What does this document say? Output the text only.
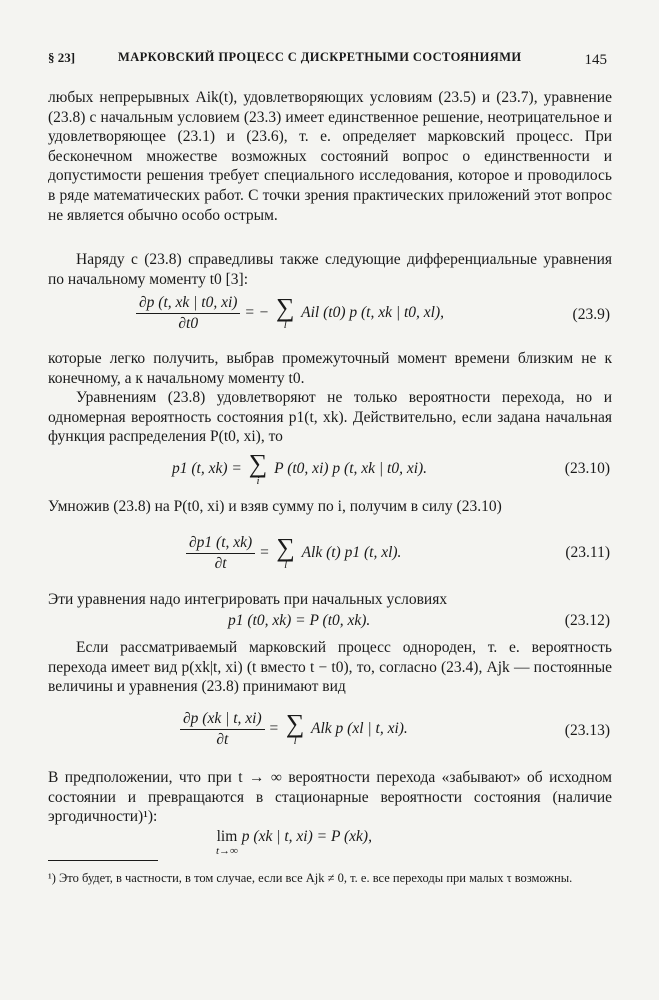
§ 23]	МАРКОВСКИЙ ПРОЦЕСС С ДИСКРЕТНЫМИ СОСТОЯНИЯМИ	145
любых непрерывных Aik(t), удовлетворяющих условиям (23.5) и (23.7), уравнение (23.8) с начальным условием (23.3) имеет единственное решение, неотрицательное и удовлетворяющее (23.1) и (23.6), т. е. определяет марковский процесс. При бесконечном множестве возможных состояний вопрос о единственности и допустимости решения требует специального исследования, которое и проводилось в ряде математических работ. С точки зрения практических приложений этот вопрос не является обычно особо острым.
Наряду с (23.8) справедливы также следующие дифференциальные уравнения по начальному моменту t0 [3]:
$\frac{\partial p (t, xk | t0, xi)}{\partial t0}$ = − ∑
l
Ail (t0) p (t, xk | t0, xl),	(23.9)
которые легко получить, выбрав промежуточный момент времени близким не к конечному, а к начальному моменту t0.
Уравнениям (23.8) удовлетворяют не только вероятности перехода, но и одномерная вероятность состояния p1(t, xk). Действительно, если задана начальная функция распределения P(t0, xi), то
p1 (t, xk) = ∑
i
P (t0, xi) p (t, xk | t0, xi).	(23.10)
Умножив (23.8) на P(t0, xi) и взяв сумму по i, получим в силу (23.10)
$\frac{\partial p1 (t, xk)}{\partial t}$ = ∑
l
Alk (t) p1 (t, xl).	(23.11)
Эти уравнения надо интегрировать при начальных условиях
p1 (t0, xk) = P (t0, xk).	(23.12)
Если рассматриваемый марковский процесс однороден, т. е. вероятность перехода имеет вид p(xk|t, xi) (t вместо t − t0), то, согласно (23.4), Ajk — постоянные величины и уравнения (23.8) принимают вид
$\frac{\partial p (xk | t, xi)}{\partial t}$ = ∑
l
Alk p (xl | t, xi).	(23.13)
В предположении, что при t → ∞ вероятности перехода «забывают» об исходном состоянии и превращаются в стационарные вероятности состояния (наличие эргодичности)¹):
lim
t→∞
p (xk | t, xi) = P (xk),
¹) Это будет, в частности, в том случае, если все Ajk ≠ 0, т. е. все переходы при малых τ возможны.
